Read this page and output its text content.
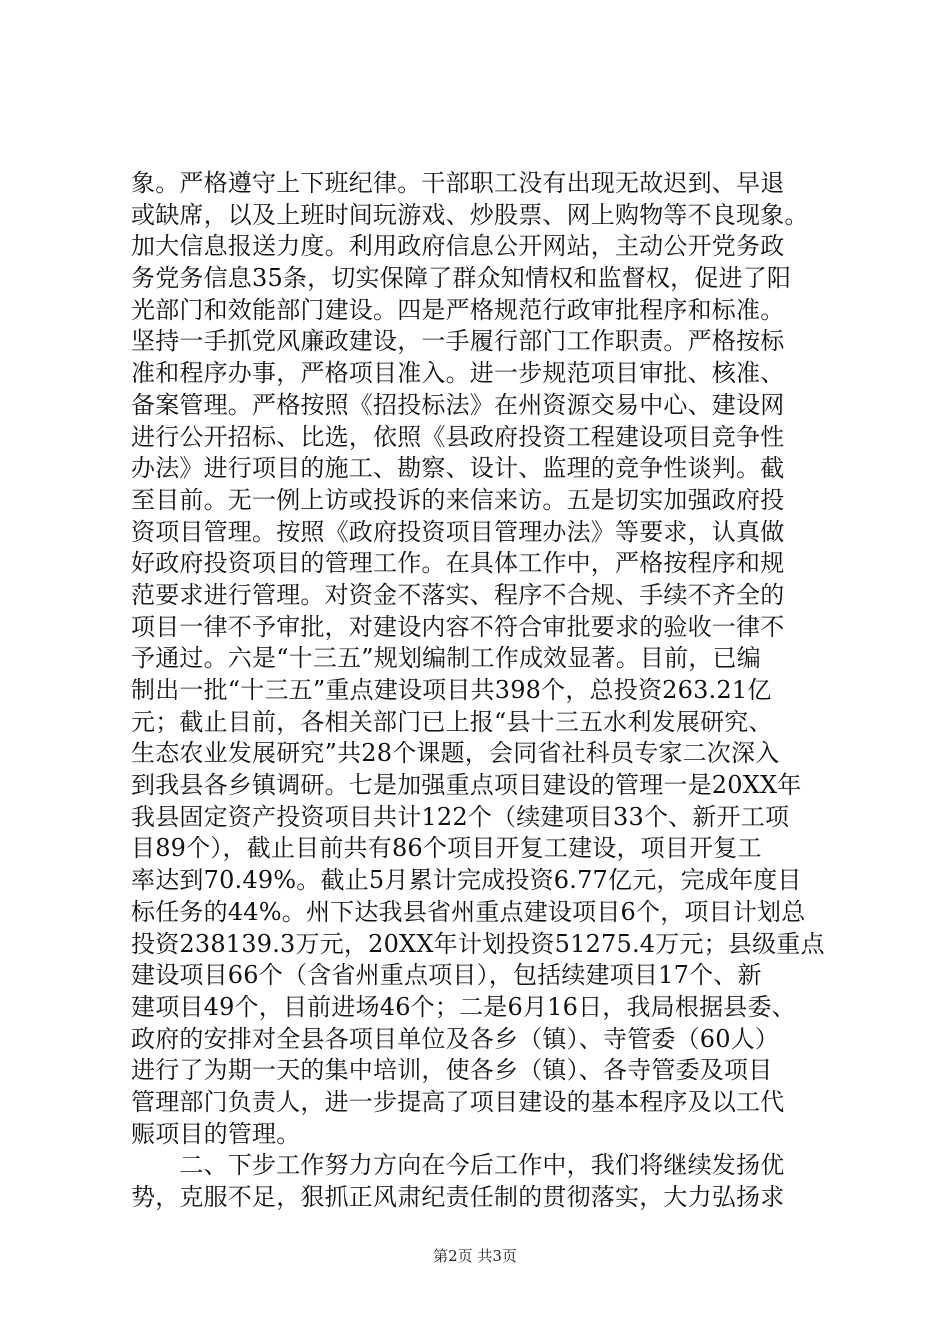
象。严格遵守上下班纪律。干部职工没有出现无故迟到、早退
或缺席，以及上班时间玩游戏、炒股票、网上购物等不良现象。
加大信息报送力度。利用政府信息公开网站，主动公开党务政
务党务信息35条，切实保障了群众知情权和监督权，促进了阳
光部门和效能部门建设。四是严格规范行政审批程序和标准。
坚持一手抓党风廉政建设，一手履行部门工作职责。严格按标
准和程序办事，严格项目准入。进一步规范项目审批、核准、
备案管理。严格按照《招投标法》在州资源交易中心、建设网
进行公开招标、比选，依照《县政府投资工程建设项目竞争性
办法》进行项目的施工、勘察、设计、监理的竞争性谈判。截
至目前。无一例上访或投诉的来信来访。五是切实加强政府投
资项目管理。按照《政府投资项目管理办法》等要求，认真做
好政府投资项目的管理工作。在具体工作中，严格按程序和规
范要求进行管理。对资金不落实、程序不合规、手续不齐全的
项目一律不予审批，对建设内容不符合审批要求的验收一律不
予通过。六是“十三五”规划编制工作成效显著。目前，已编
制出一批“十三五”重点建设项目共398个，总投资263.21亿
元；截止目前，各相关部门已上报“县十三五水利发展研究、
生态农业发展研究”共28个课题，会同省社科员专家二次深入
到我县各乡镇调研。七是加强重点项目建设的管理一是20XX年
我县固定资产投资项目共计122个（续建项目33个、新开工项
目89个），截止目前共有86个项目开复工建设，项目开复工
率达到70.49%。截止5月累计完成投资6.77亿元，完成年度目
标任务的44%。州下达我县省州重点建设项目6个，项目计划总
投资238139.3万元，20XX年计划投资51275.4万元；县级重点
建设项目66个（含省州重点项目），包括续建项目17个、新
建项目49个，目前进场46个；二是6月16日，我局根据县委、
政府的安排对全县各项目单位及各乡（镇）、寺管委（60人）
进行了为期一天的集中培训，使各乡（镇）、各寺管委及项目
管理部门负责人，进一步提高了项目建设的基本程序及以工代
赈项目的管理。
　　二、下步工作努力方向在今后工作中，我们将继续发扬优
势，克服不足，狠抓正风肃纪责任制的贯彻落实，大力弘扬求
第2页 共3页
